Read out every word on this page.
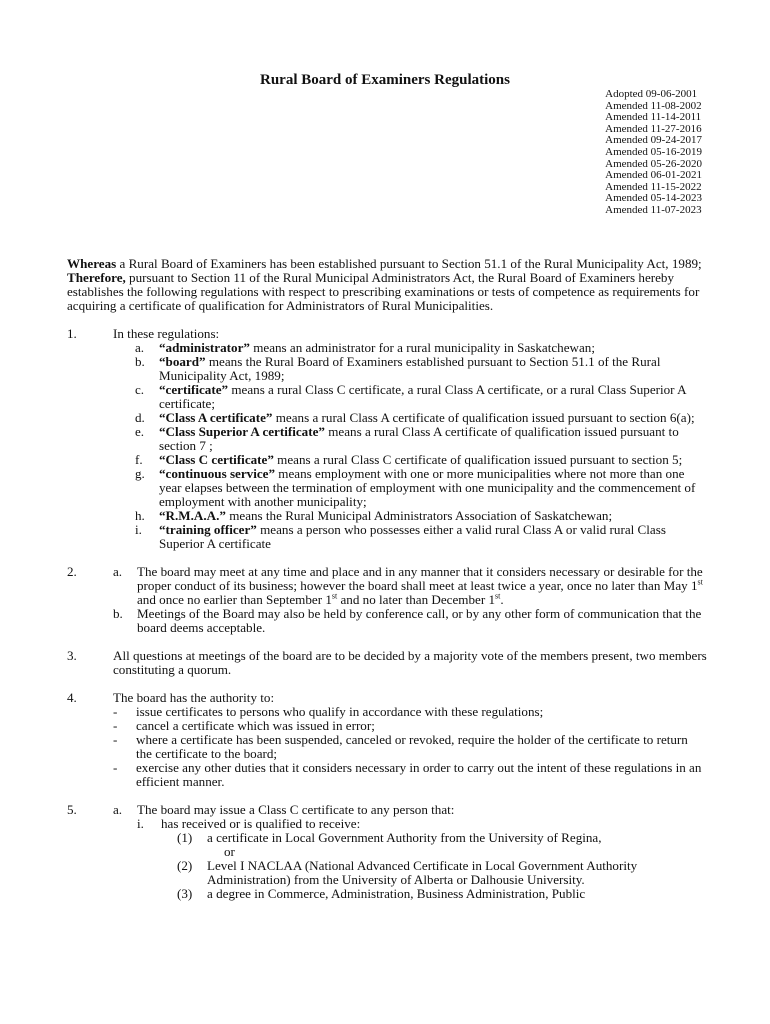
Rural Board of Examiners Regulations
Adopted 09-06-2001
Amended 11-08-2002
Amended 11-14-2011
Amended 11-27-2016
Amended 09-24-2017
Amended 05-16-2019
Amended 05-26-2020
Amended 06-01-2021
Amended 11-15-2022
Amended 05-14-2023
Amended 11-07-2023

Whereas a Rural Board of Examiners has been established pursuant to Section 51.1 of the Rural Municipality Act, 1989;

Therefore, pursuant to Section 11 of the Rural Municipal Administrators Act, the Rural Board of Examiners hereby establishes the following regulations with respect to prescribing examinations or tests of competence as requirements for acquiring a certificate of qualification for Administrators of Rural Municipalities.

1.	In these regulations:

a. “administrator” means an administrator for a rural municipality in Saskatchewan;
b. “board” means the Rural Board of Examiners established pursuant to Section 51.1 of the Rural Municipality Act, 1989;
c. “certificate” means a rural Class C certificate, a rural Class A certificate, or a rural Class Superior A certificate;
d. “Class A certificate” means a rural Class A certificate of qualification issued pursuant to section 6(a);
e. “Class Superior A certificate” means a rural Class A certificate of qualification issued pursuant to section 7 ;
f. “Class C certificate” means a rural Class C certificate of qualification issued pursuant to section 5;
g. “continuous service” means employment with one or more municipalities where not more than one year elapses between the termination of employment with one municipality and the commencement of employment with another municipality;
h. “R.M.A.A.” means the Rural Municipal Administrators Association of Saskatchewan;
i. “training officer” means a person who possesses either a valid rural Class A or valid rural Class Superior A certificate
2.	a. The board may meet at any time and place and in any manner that it considers necessary or desirable for the proper conduct of its business; however the board shall meet at least twice a year, once no later than May 1st and once no earlier than September 1st and no later than December 1st.
b. Meetings of the Board may also be held by conference call, or by any other form of communication that the board deems acceptable.
3.	All questions at meetings of the board are to be decided by a majority vote of the members present, two members constituting a quorum.

4.	The board has the authority to:

- issue certificates to persons who qualify in accordance with these regulations;
- cancel a certificate which was issued in error;
- where a certificate has been suspended, canceled or revoked, require the holder of the certificate to return the certificate to the board;
- exercise any other duties that it considers necessary in order to carry out the intent of these regulations in an efficient manner.
5.	a. The board may issue a Class C certificate to any person that:
i. has received or is qualified to receive:
(1) a certificate in Local Government Authority from the University of Regina,
or
(2) Level I NACLAA (National Advanced Certificate in Local Government Authority Administration) from the University of Alberta or Dalhousie University.
(3) a degree in Commerce, Administration, Business Administration, Public
